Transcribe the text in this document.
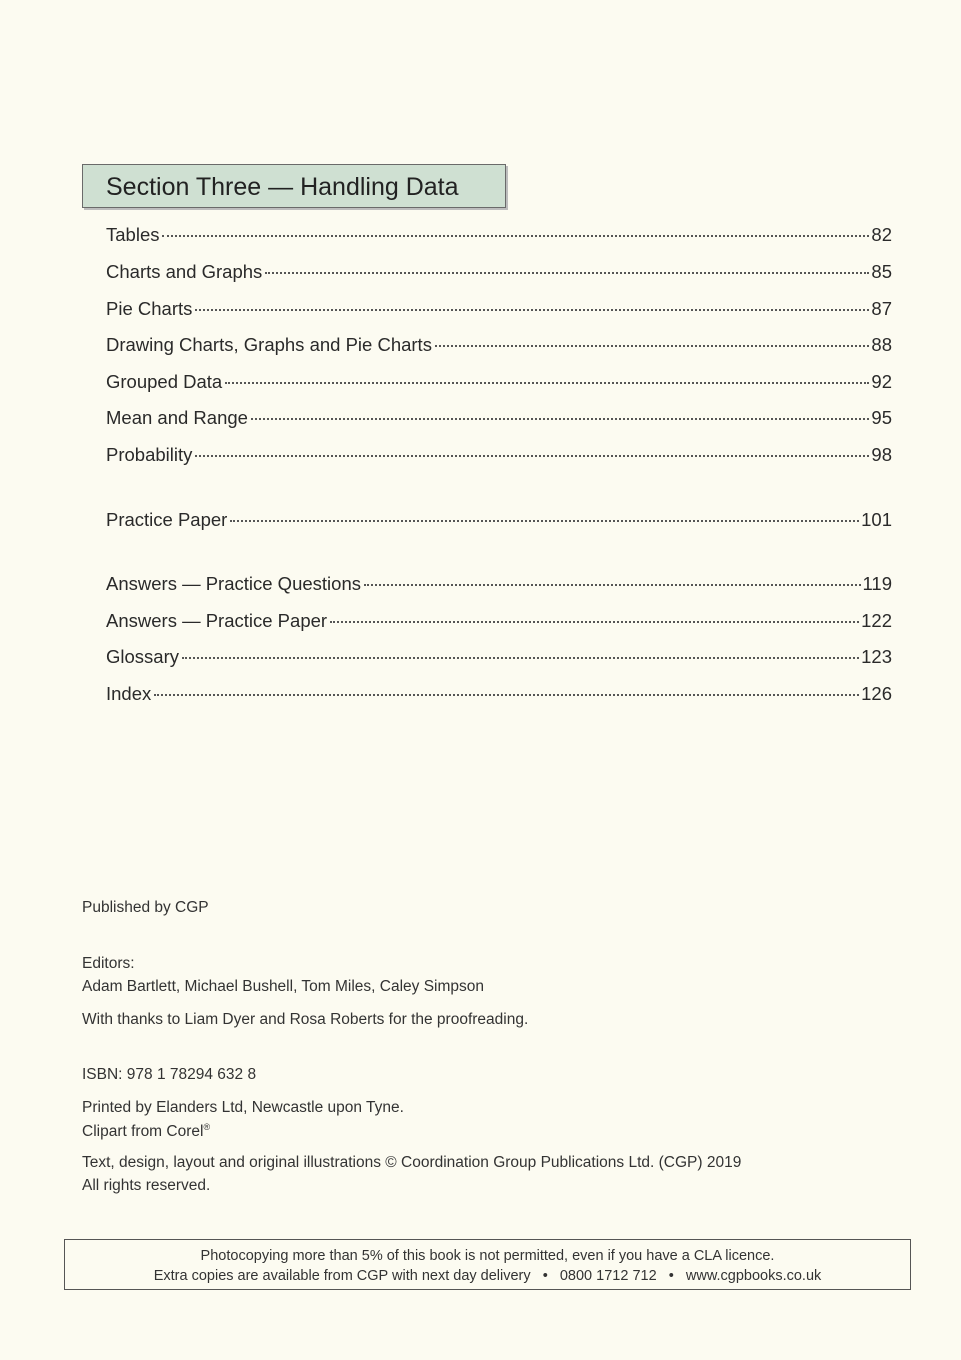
Section Three — Handling Data
Tables	82
Charts and Graphs	85
Pie Charts	87
Drawing Charts, Graphs and Pie Charts	88
Grouped Data	92
Mean and Range	95
Probability	98
Practice Paper	101
Answers — Practice Questions	119
Answers — Practice Paper	122
Glossary	123
Index	126
Published by CGP
Editors:
Adam Bartlett, Michael Bushell, Tom Miles, Caley Simpson
With thanks to Liam Dyer and Rosa Roberts for the proofreading.
ISBN: 978 1 78294 632 8
Printed by Elanders Ltd, Newcastle upon Tyne.
Clipart from Corel®
Text, design, layout and original illustrations © Coordination Group Publications Ltd. (CGP) 2019
All rights reserved.
Photocopying more than 5% of this book is not permitted, even if you have a CLA licence.
Extra copies are available from CGP with next day delivery   •   0800 1712 712   •   www.cgpbooks.co.uk
